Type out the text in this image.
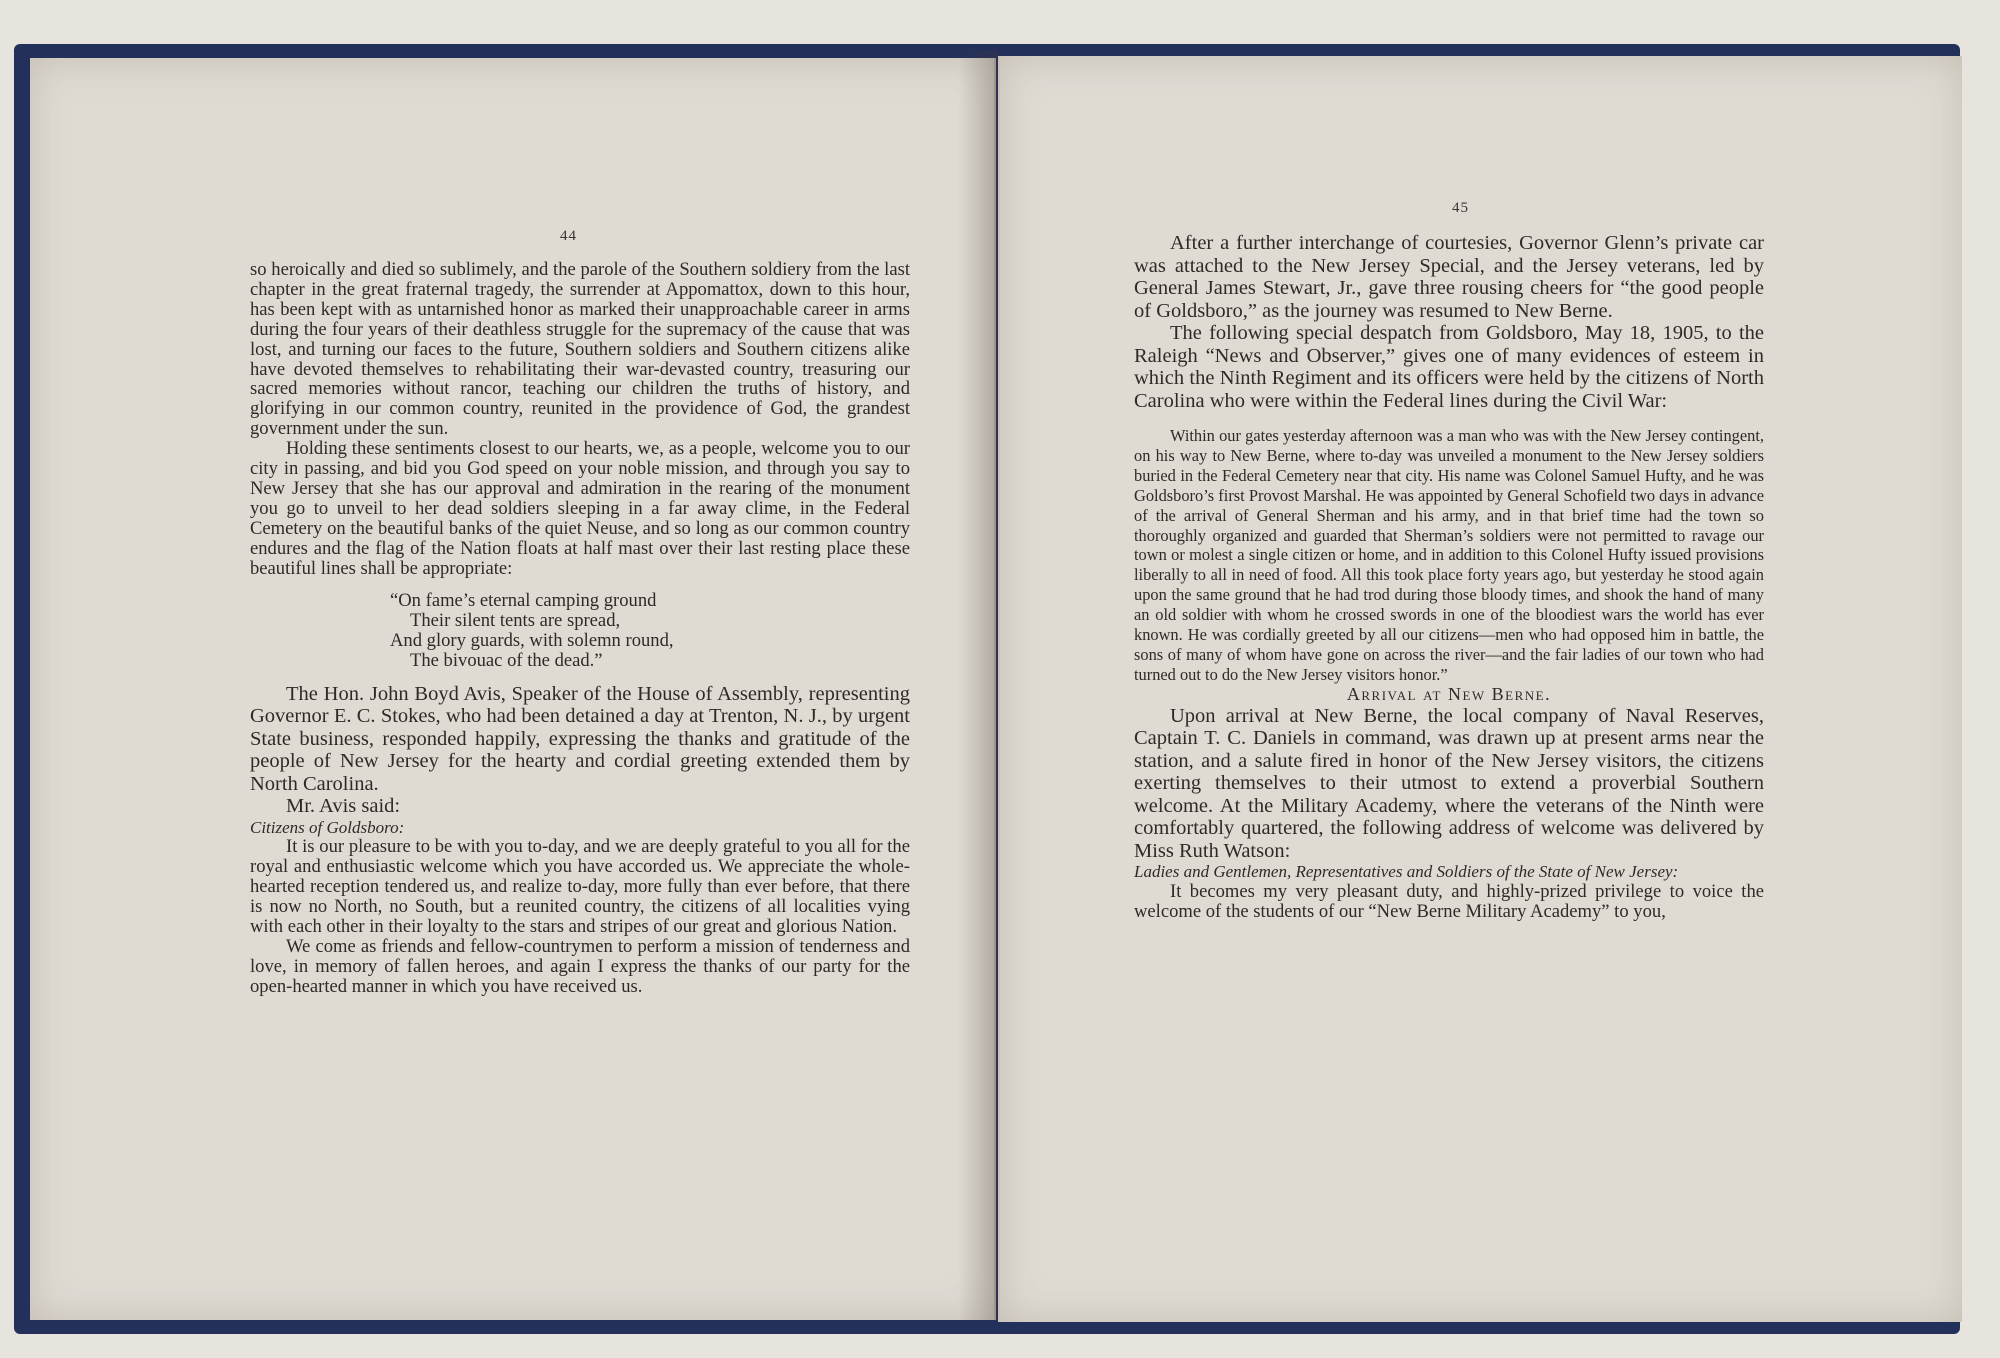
44

so heroically and died so sublimely, and the parole of the Southern soldiery from the last chapter in the great fraternal tragedy, the surrender at Appomattox, down to this hour, has been kept with as untarnished honor as marked their unapproachable career in arms during the four years of their deathless struggle for the supremacy of the cause that was lost, and turning our faces to the future, Southern soldiers and Southern citizens alike have devoted themselves to rehabilitating their war-devasted country, treasuring our sacred memories without rancor, teaching our children the truths of history, and glorifying in our common country, reunited in the providence of God, the grandest government under the sun.

Holding these sentiments closest to our hearts, we, as a people, welcome you to our city in passing, and bid you God speed on your noble mission, and through you say to New Jersey that she has our approval and admiration in the rearing of the monument you go to unveil to her dead soldiers sleeping in a far away clime, in the Federal Cemetery on the beautiful banks of the quiet Neuse, and so long as our common country endures and the flag of the Nation floats at half mast over their last resting place these beautiful lines shall be appropriate:

“On fame’s eternal camping ground
Their silent tents are spread,
And glory guards, with solemn round,
The bivouac of the dead.”

The Hon. John Boyd Avis, Speaker of the House of Assembly, representing Governor E. C. Stokes, who had been detained a day at Trenton, N. J., by urgent State business, responded happily, expressing the thanks and gratitude of the people of New Jersey for the hearty and cordial greeting extended them by North Carolina.

Mr. Avis said:

Citizens of Goldsboro:

It is our pleasure to be with you to-day, and we are deeply grateful to you all for the royal and enthusiastic welcome which you have accorded us. We appreciate the whole-hearted reception tendered us, and realize to-day, more fully than ever before, that there is now no North, no South, but a reunited country, the citizens of all localities vying with each other in their loyalty to the stars and stripes of our great and glorious Nation.

We come as friends and fellow-countrymen to perform a mission of tenderness and love, in memory of fallen heroes, and again I express the thanks of our party for the open-hearted manner in which you have received us.

45

After a further interchange of courtesies, Governor Glenn’s private car was attached to the New Jersey Special, and the Jersey veterans, led by General James Stewart, Jr., gave three rousing cheers for “the good people of Goldsboro,” as the journey was resumed to New Berne.

The following special despatch from Goldsboro, May 18, 1905, to the Raleigh “News and Observer,” gives one of many evidences of esteem in which the Ninth Regiment and its officers were held by the citizens of North Carolina who were within the Federal lines during the Civil War:

Within our gates yesterday afternoon was a man who was with the New Jersey contingent, on his way to New Berne, where to-day was unveiled a monument to the New Jersey soldiers buried in the Federal Cemetery near that city. His name was Colonel Samuel Hufty, and he was Goldsboro’s first Provost Marshal. He was appointed by General Schofield two days in advance of the arrival of General Sherman and his army, and in that brief time had the town so thoroughly organized and guarded that Sherman’s soldiers were not permitted to ravage our town or molest a single citizen or home, and in addition to this Colonel Hufty issued provisions liberally to all in need of food. All this took place forty years ago, but yesterday he stood again upon the same ground that he had trod during those bloody times, and shook the hand of many an old soldier with whom he crossed swords in one of the bloodiest wars the world has ever known. He was cordially greeted by all our citizens—men who had opposed him in battle, the sons of many of whom have gone on across the river—and the fair ladies of our town who had turned out to do the New Jersey visitors honor.”

Arrival at New Berne.

Upon arrival at New Berne, the local company of Naval Reserves, Captain T. C. Daniels in command, was drawn up at present arms near the station, and a salute fired in honor of the New Jersey visitors, the citizens exerting themselves to their utmost to extend a proverbial Southern welcome. At the Military Academy, where the veterans of the Ninth were comfortably quartered, the following address of welcome was delivered by Miss Ruth Watson:

Ladies and Gentlemen, Representatives and Soldiers of the State of New Jersey:

It becomes my very pleasant duty, and highly-prized privilege to voice the welcome of the students of our “New Berne Military Academy” to you,
